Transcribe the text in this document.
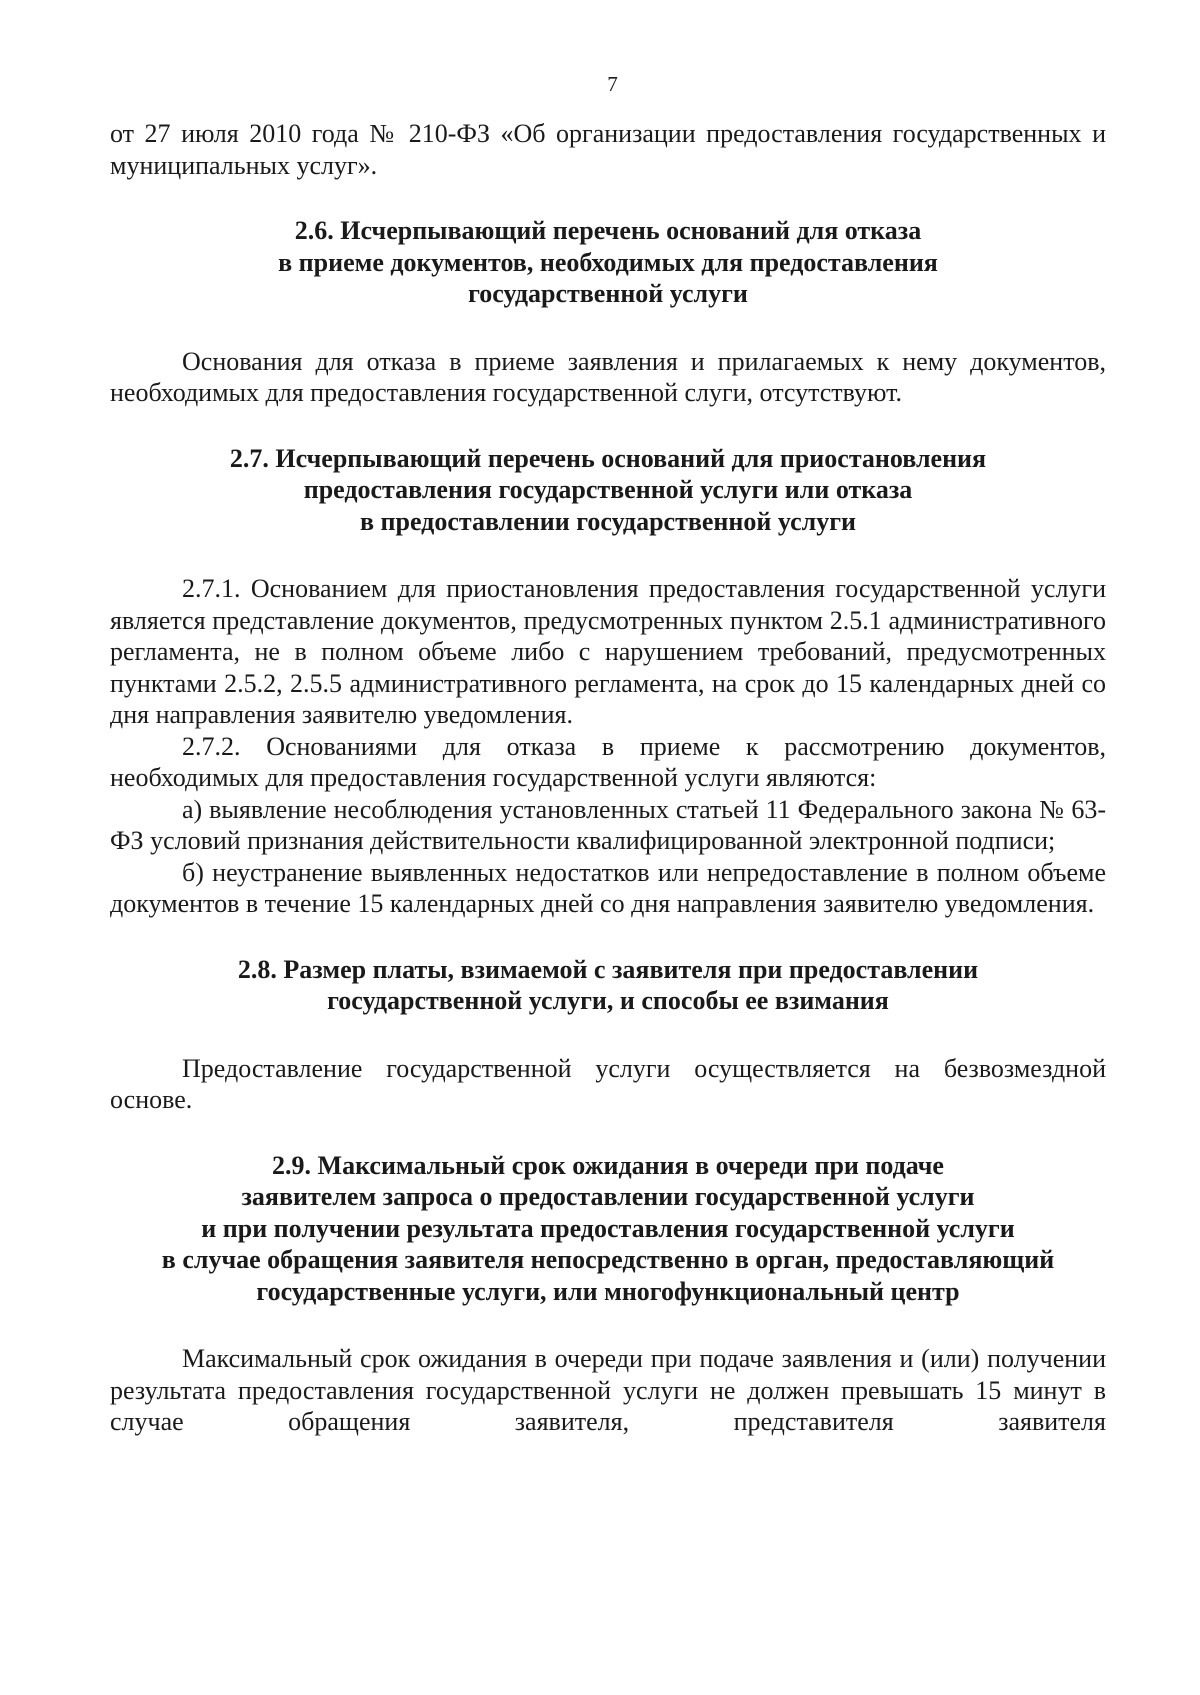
7

от 27 июля 2010 года № 210-ФЗ «Об организации предоставления государственных и муниципальных услуг».

2.6. Исчерпывающий перечень оснований для отказа
в приеме документов, необходимых для предоставления
государственной услуги

Основания для отказа в приеме заявления и прилагаемых к нему документов, необходимых для предоставления государственной слуги, отсутствуют.

2.7. Исчерпывающий перечень оснований для приостановления
предоставления государственной услуги или отказа
в предоставлении государственной услуги

2.7.1. Основанием для приостановления предоставления государственной услуги является представление документов, предусмотренных пунктом 2.5.1 административного регламента, не в полном объеме либо с нарушением требований, предусмотренных пунктами 2.5.2, 2.5.5 административного регламента, на срок до 15 календарных дней со дня направления заявителю уведомления.

2.7.2. Основаниями для отказа в приеме к рассмотрению документов, необходимых для предоставления государственной услуги являются:

а) выявление несоблюдения установленных статьей 11 Федерального закона № 63-ФЗ условий признания действительности квалифицированной электронной подписи;

б) неустранение выявленных недостатков или непредоставление в полном объеме документов в течение 15 календарных дней со дня направления заявителю уведомления.

2.8. Размер платы, взимаемой с заявителя при предоставлении
государственной услуги, и способы ее взимания

Предоставление государственной услуги осуществляется на безвозмездной основе.

2.9. Максимальный срок ожидания в очереди при подаче
заявителем запроса о предоставлении государственной услуги
и при получении результата предоставления государственной услуги
в случае обращения заявителя непосредственно в орган, предоставляющий
государственные услуги, или многофункциональный центр

Максимальный срок ожидания в очереди при подаче заявления и (или) получении результата предоставления государственной услуги не должен превышать 15 минут в случае обращения заявителя, представителя заявителя
